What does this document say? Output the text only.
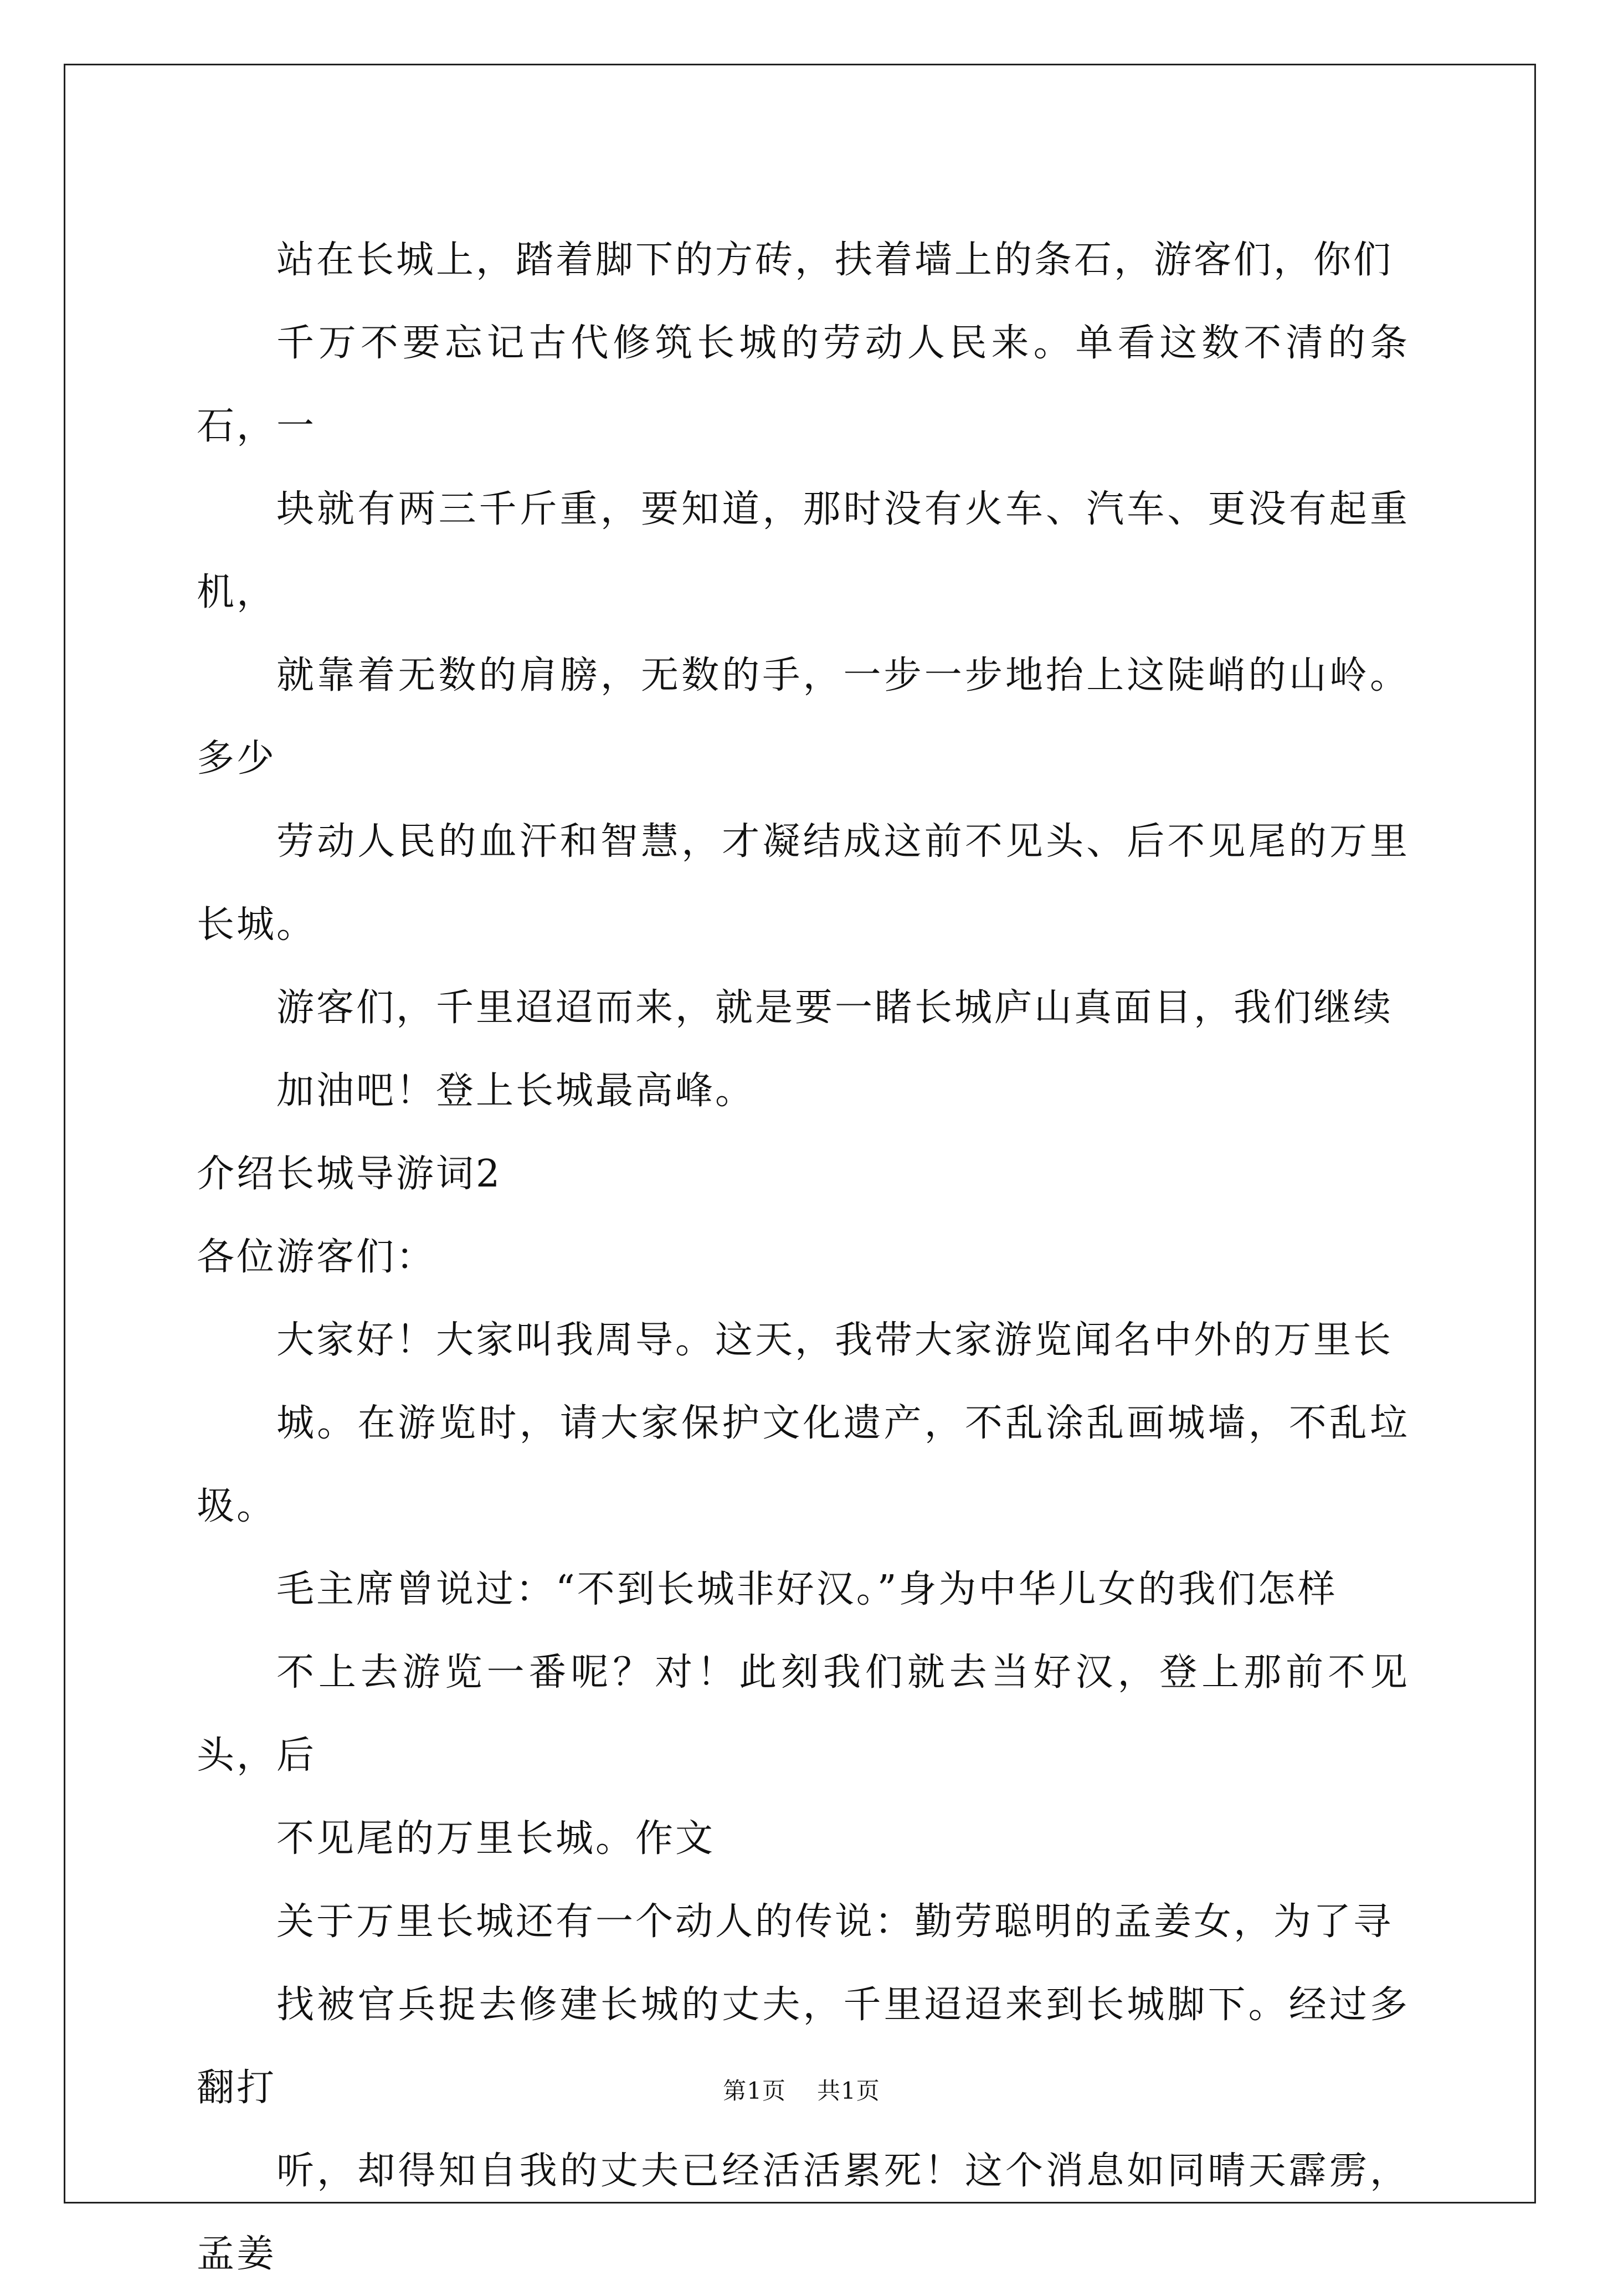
站在长城上，踏着脚下的方砖，扶着墙上的条石，游客们，你们
千万不要忘记古代修筑长城的劳动人民来。单看这数不清的条石，一
块就有两三千斤重，要知道，那时没有火车、汽车、更没有起重机，
就靠着无数的肩膀，无数的手，一步一步地抬上这陡峭的山岭。多少
劳动人民的血汗和智慧，才凝结成这前不见头、后不见尾的万里长城。

游客们，千里迢迢而来，就是要一睹长城庐山真面目，我们继续
加油吧！登上长城最高峰。

介绍长城导游词2

各位游客们：

大家好！大家叫我周导。这天，我带大家游览闻名中外的万里长
城。在游览时，请大家保护文化遗产，不乱涂乱画城墙，不乱垃圾。

毛主席曾说过：“不到长城非好汉。”身为中华儿女的我们怎样
不上去游览一番呢？对！此刻我们就去当好汉，登上那前不见头，后
不见尾的万里长城。作文

关于万里长城还有一个动人的传说：勤劳聪明的孟姜女，为了寻
找被官兵捉去修建长城的丈夫，千里迢迢来到长城脚下。经过多翻打
听，却得知自我的丈夫已经活活累死！这个消息如同晴天霹雳，孟姜

第1页 共1页
